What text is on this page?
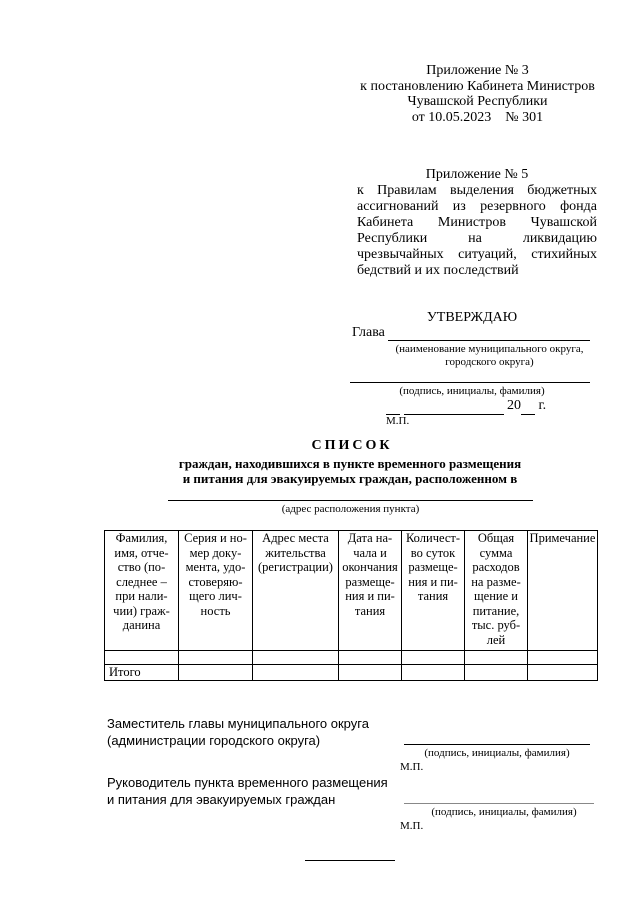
Приложение № 3
к постановлению Кабинета Министров
Чувашской Республики
от 10.05.2023    № 301
Приложение № 5
к Правилам выделения бюджетных ассигнований из резервного фонда Кабинета Министров Чувашской Республики на ликвидацию чрезвычайных ситуаций, стихийных бедствий и их последствий
УТВЕРЖДАЮ
Глава
(наименование муниципального округа,
городского округа)
(подпись, инициалы, фамилия)
20 г.
М.П.
СПИСОК
граждан, находившихся в пункте временного размещения
и питания для эвакуируемых граждан, расположенном в
(адрес расположения пункта)
Фамилия, имя, отчество (последнее – при наличии) гражданина	Серия и номер документа, удостоверяющего личность	Адрес места жительства (регистрации)	Дата начала и окончания размещения и питания	Количество суток размещения и питания	Общая сумма расходов на размещение и питание, тыс. рублей	Примечание

Итого						
Заместитель главы муниципального округа
(администрации городского округа)
(подпись, инициалы, фамилия)
М.П.
Руководитель пункта временного размещения
и питания для эвакуируемых граждан
(подпись, инициалы, фамилия)
М.П.
